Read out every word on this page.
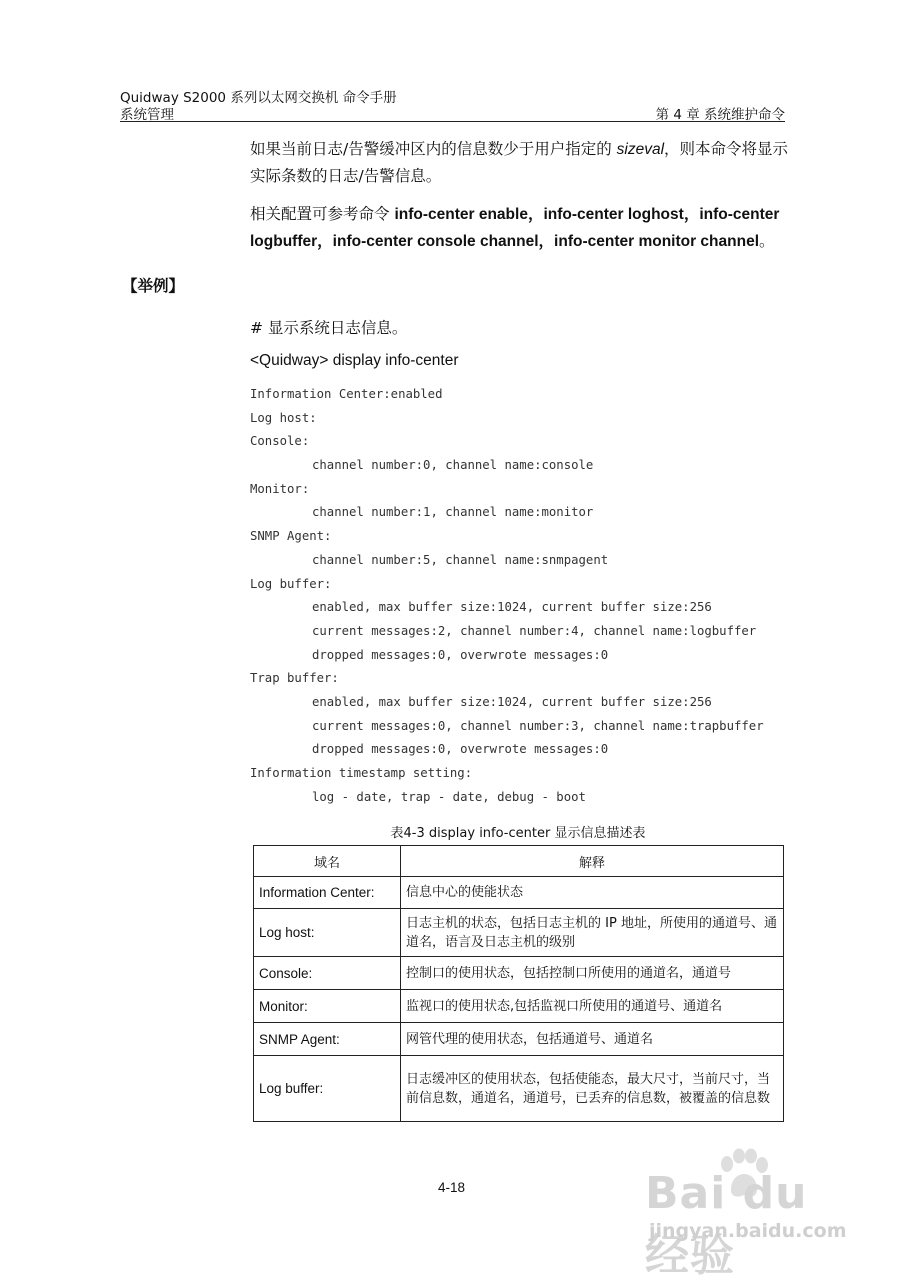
Quidway S2000 系列以太网交换机 命令手册
系统管理	第 4 章 系统维护命令
如果当前日志/告警缓冲区内的信息数少于用户指定的 sizeval，则本命令将显示实际条数的日志/告警信息。
相关配置可参考命令 info-center enable，info-center loghost，info-center logbuffer，info-center console channel，info-center monitor channel。
【举例】
# 显示系统日志信息。
<Quidway> display info-center
Information Center:enabled
Log host:
Console:
channel number:0, channel name:console
Monitor:
channel number:1, channel name:monitor
SNMP Agent:
channel number:5, channel name:snmpagent
Log buffer:
enabled, max buffer size:1024, current buffer size:256
current messages:2, channel number:4, channel name:logbuffer
dropped messages:0, overwrote messages:0
Trap buffer:
enabled, max buffer size:1024, current buffer size:256
current messages:0, channel number:3, channel name:trapbuffer
dropped messages:0, overwrote messages:0
Information timestamp setting:
log - date, trap - date, debug - boot
表4-3 display info-center 显示信息描述表
域名	解释
Information Center:	信息中心的使能状态
Log host:	日志主机的状态，包括日志主机的 IP 地址，所使用的通道号、通道名，语言及日志主机的级别
Console:	控制口的使用状态，包括控制口所使用的通道名，通道号
Monitor:	监视口的使用状态,包括监视口所使用的通道号、通道名
SNMP Agent:	网管代理的使用状态，包括通道号、通道名
Log buffer:	日志缓冲区的使用状态，包括使能态，最大尺寸，当前尺寸，当前信息数，通道名，通道号，已丢弃的信息数，被覆盖的信息数
4-18	Bai du 经验
jingyan.baidu.com
